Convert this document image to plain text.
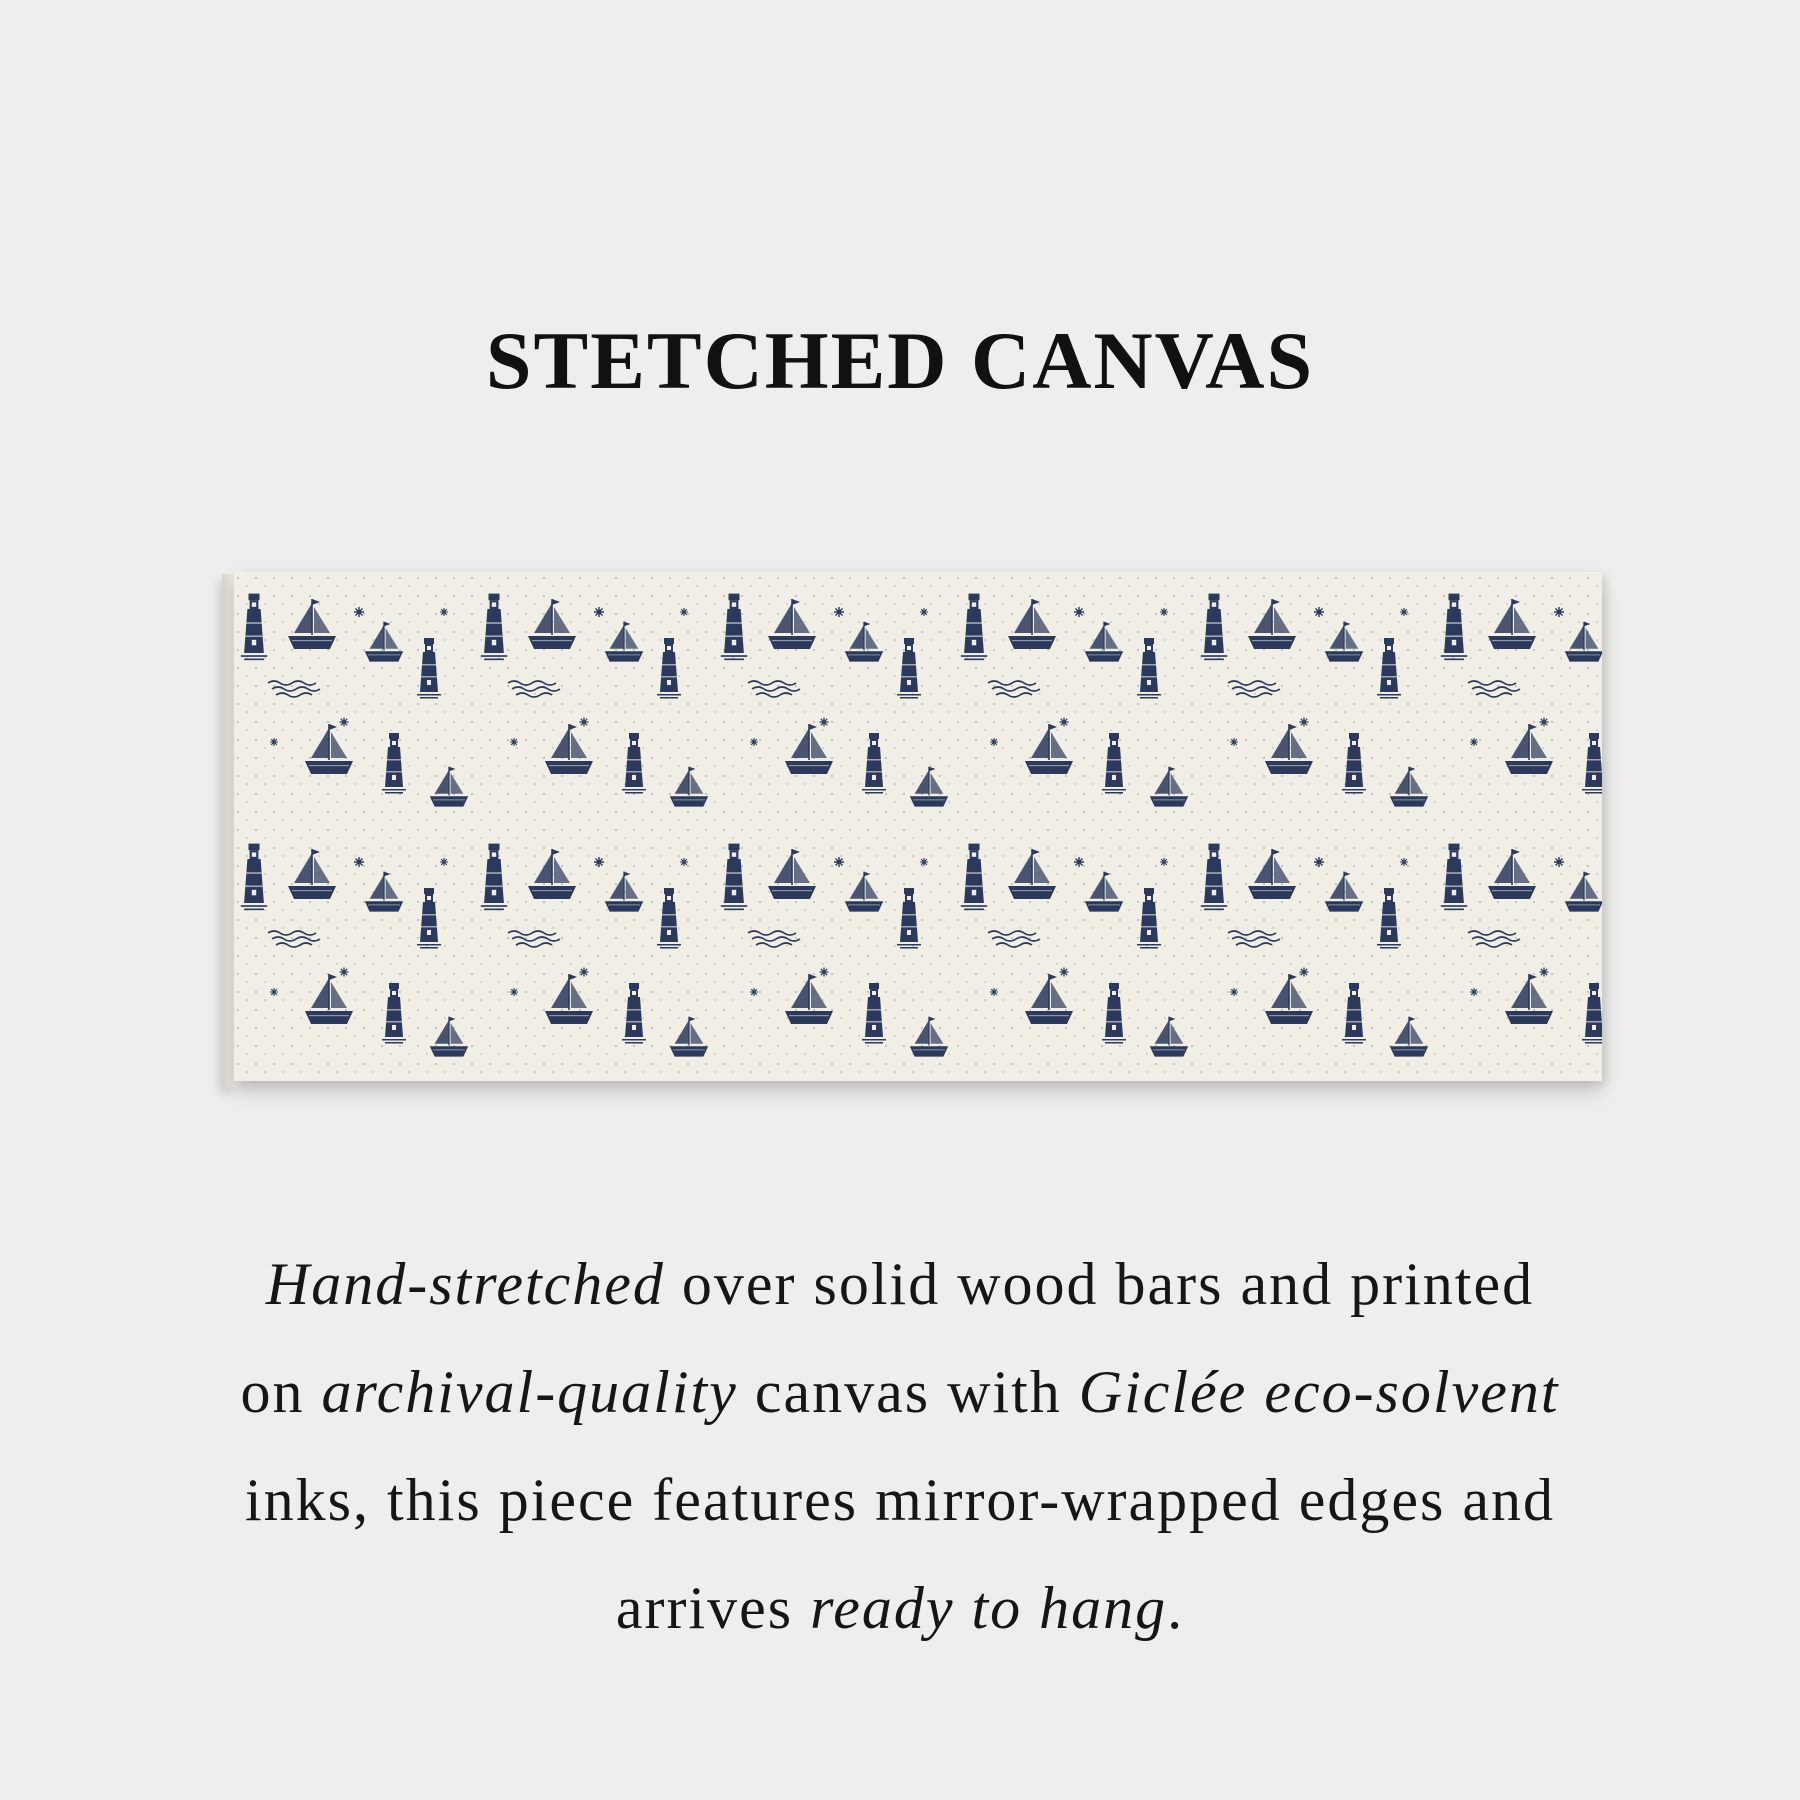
STETCHED CANVAS

Hand-stretched over solid wood bars and printed
on archival-quality canvas with Giclée eco-solvent
inks, this piece features mirror-wrapped edges and
arrives ready to hang.
